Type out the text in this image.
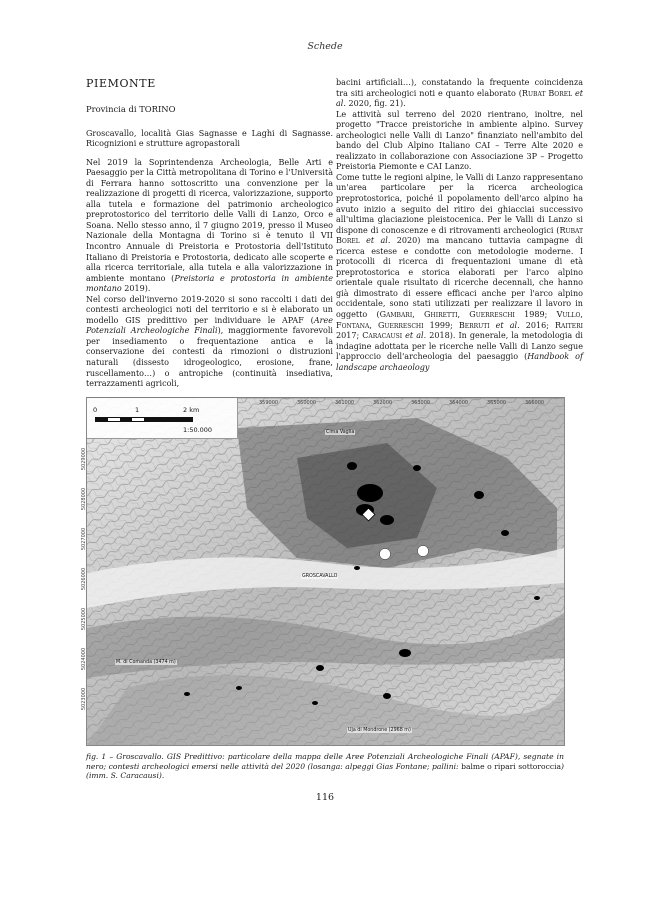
Schede
PIEMONTE
Provincia di TORINO

Groscavallo, località Gias Sagnasse e Laghi di Sagnasse. Ricognizioni e strutture agropastorali

Nel 2019 la Soprintendenza Archeologia, Belle Arti e Paesaggio per la Città metropolitana di Torino e l'Università di Ferrara hanno sottoscritto una convenzione per la realizzazione di progetti di ricerca, valorizzazione, supporto alla tutela e formazione del patrimonio archeologico preprotostorico del territorio delle Valli di Lanzo, Orco e Soana. Nello stesso anno, il 7 giugno 2019, presso il Museo Nazionale della Montagna di Torino si è tenuto il VII Incontro Annuale di Preistoria e Protostoria dell'Istituto Italiano di Preistoria e Protostoria, dedicato alle scoperte e alla ricerca territoriale, alla tutela e alla valorizzazione in ambiente montano (Preistoria e protostoria in ambiente montano 2019).

Nel corso dell'inverno 2019-2020 si sono raccolti i dati dei contesti archeologici noti del territorio e si è elaborato un modello GIS predittivo per individuare le APAF (Aree Potenziali Archeologiche Finali), maggiormente favorevoli per insediamento o frequentazione antica e la conservazione dei contesti da rimozioni o distruzioni naturali (dissesto idrogeologico, erosione, frane, ruscellamento…) o antropiche (continuità insediativa, terrazzamenti agricoli,

bacini artificiali…), constatando la frequente coincidenza tra siti archeologici noti e quanto elaborato (Rubat Borel et al. 2020, fig. 21).

Le attività sul terreno del 2020 rientrano, inoltre, nel progetto "Tracce preistoriche in ambiente alpino. Survey archeologici nelle Valli di Lanzo" finanziato nell'ambito del bando del Club Alpino Italiano CAI – Terre Alte 2020 e realizzato in collaborazione con Associazione 3P – Progetto Preistoria Piemonte e CAI Lanzo.

Come tutte le regioni alpine, le Valli di Lanzo rappresentano un'area particolare per la ricerca archeologica preprotostorica, poiché il popolamento dell'arco alpino ha avuto inizio a seguito del ritiro dei ghiacciai successivo all'ultima glaciazione pleistocenica. Per le Valli di Lanzo si dispone di conoscenze e di ritrovamenti archeologici (Rubat Borel et al. 2020) ma mancano tuttavia campagne di ricerca estese e condotte con metodologie moderne. I protocolli di ricerca di frequentazioni umane di età preprotostorica e storica elaborati per l'arco alpino orientale quale risultato di ricerche decennali, che hanno già dimostrato di essere efficaci anche per l'arco alpino occidentale, sono stati utilizzati per realizzare il lavoro in oggetto (Gambari, Ghiretti, Guerreschi 1989; Vullo, Fontana, Guerreschi 1999; Berruti et al. 2016; Raiteri 2017; Caracausi et al. 2018). In generale, la metodologia di indagine adottata per le ricerche nelle Valli di Lanzo segue l'approccio dell'archeologia del paesaggio (Handbook of landscape archaeology

0	1	2 km
1:50.000
359000	360000	361000	362000	363000	364000	365000	366000
5029000
5028000
5027000
5026000
5025000
5024000
5023000
Cima Vaglia
GROSCAVALLO
M. di Comanda (3474 m)
Uja di Mondrone (2968 m)
fig. 1 – Groscavallo. GIS Predittivo: particolare della mappa delle Aree Potenziali Archeologiche Finali (APAF), segnate in nero; contesti archeologici emersi nelle attività del 2020 (losanga: alpeggi Gias Fontane; pallini: balme o ripari sottoroccia) (imm. S. Caracausi).
116
